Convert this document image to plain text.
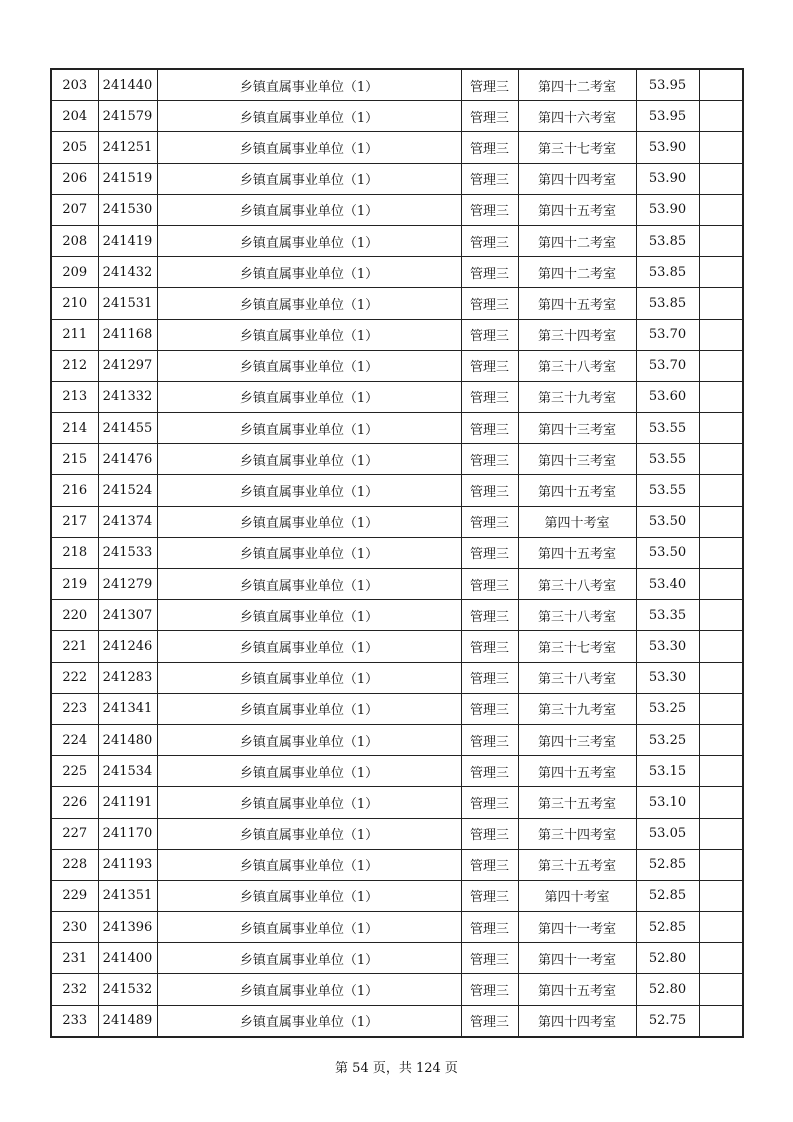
203	241440	乡镇直属事业单位（1）	管理三	第四十二考室	53.95	
204	241579	乡镇直属事业单位（1）	管理三	第四十六考室	53.95	
205	241251	乡镇直属事业单位（1）	管理三	第三十七考室	53.90	
206	241519	乡镇直属事业单位（1）	管理三	第四十四考室	53.90	
207	241530	乡镇直属事业单位（1）	管理三	第四十五考室	53.90	
208	241419	乡镇直属事业单位（1）	管理三	第四十二考室	53.85	
209	241432	乡镇直属事业单位（1）	管理三	第四十二考室	53.85	
210	241531	乡镇直属事业单位（1）	管理三	第四十五考室	53.85	
211	241168	乡镇直属事业单位（1）	管理三	第三十四考室	53.70	
212	241297	乡镇直属事业单位（1）	管理三	第三十八考室	53.70	
213	241332	乡镇直属事业单位（1）	管理三	第三十九考室	53.60	
214	241455	乡镇直属事业单位（1）	管理三	第四十三考室	53.55	
215	241476	乡镇直属事业单位（1）	管理三	第四十三考室	53.55	
216	241524	乡镇直属事业单位（1）	管理三	第四十五考室	53.55	
217	241374	乡镇直属事业单位（1）	管理三	第四十考室	53.50	
218	241533	乡镇直属事业单位（1）	管理三	第四十五考室	53.50	
219	241279	乡镇直属事业单位（1）	管理三	第三十八考室	53.40	
220	241307	乡镇直属事业单位（1）	管理三	第三十八考室	53.35	
221	241246	乡镇直属事业单位（1）	管理三	第三十七考室	53.30	
222	241283	乡镇直属事业单位（1）	管理三	第三十八考室	53.30	
223	241341	乡镇直属事业单位（1）	管理三	第三十九考室	53.25	
224	241480	乡镇直属事业单位（1）	管理三	第四十三考室	53.25	
225	241534	乡镇直属事业单位（1）	管理三	第四十五考室	53.15	
226	241191	乡镇直属事业单位（1）	管理三	第三十五考室	53.10	
227	241170	乡镇直属事业单位（1）	管理三	第三十四考室	53.05	
228	241193	乡镇直属事业单位（1）	管理三	第三十五考室	52.85	
229	241351	乡镇直属事业单位（1）	管理三	第四十考室	52.85	
230	241396	乡镇直属事业单位（1）	管理三	第四十一考室	52.85	
231	241400	乡镇直属事业单位（1）	管理三	第四十一考室	52.80	
232	241532	乡镇直属事业单位（1）	管理三	第四十五考室	52.80	
233	241489	乡镇直属事业单位（1）	管理三	第四十四考室	52.75	
第 54 页，共 124 页
